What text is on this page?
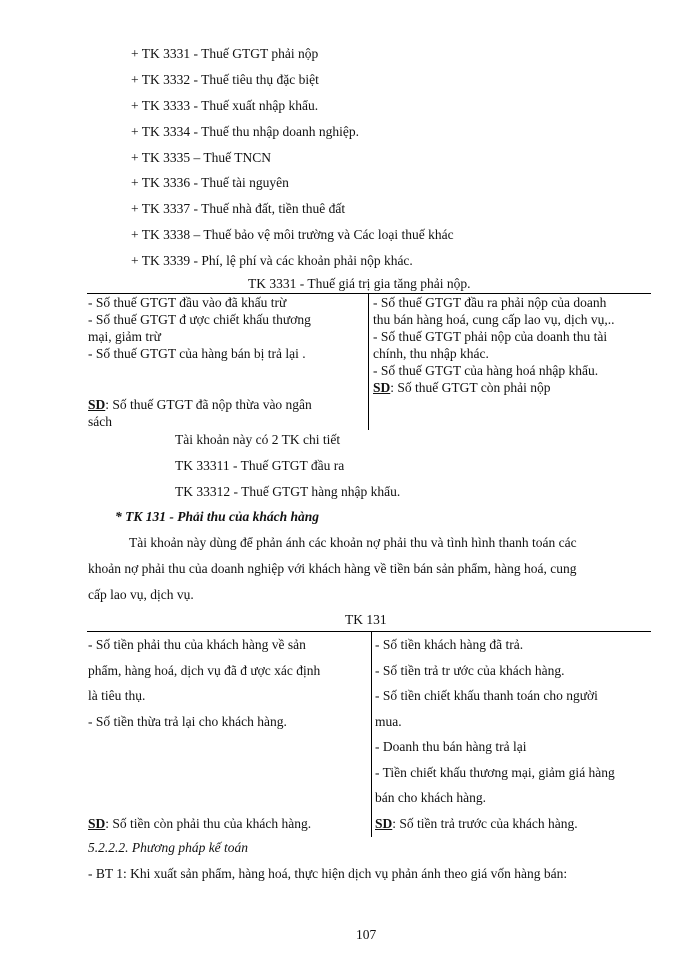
+ TK 3331 - Thuế GTGT phải nộp
+ TK 3332 - Thuế tiêu thụ đặc biệt
+ TK 3333 - Thuế xuất nhập khẩu.
+ TK 3334 - Thuế thu nhập doanh nghiệp.
+ TK 3335 – Thuế TNCN
+ TK 3336 - Thuế tài nguyên
+ TK 3337 - Thuế nhà đất, tiền thuê đất
+ TK 3338 – Thuế bảo vệ môi trường và Các loại thuế khác
+ TK 3339 - Phí, lệ phí và các khoản phải nộp khác.
TK 3331 - Thuế giá trị gia tăng phải nộp.
- Số thuế GTGT đầu vào đã khấu trừ
- Số thuế GTGT đ ược chiết khấu thương
mại, giảm trừ
- Số thuế GTGT của hàng bán bị trả lại .
SD: Số thuế GTGT đã nộp thừa vào ngân
sách
- Số thuế GTGT đầu ra phải nộp của doanh
thu bán hàng hoá, cung cấp lao vụ, dịch vụ,..
- Số thuế GTGT phải nộp của doanh thu tài
chính, thu nhập khác.
- Số thuế GTGT của hàng hoá nhập khẩu.
SD: Số thuế GTGT còn phải nộp
Tài khoản này có 2 TK chi tiết
TK 33311 - Thuế GTGT đầu ra
TK 33312 - Thuế GTGT hàng nhập khẩu.
* TK 131 - Phải thu của khách hàng
Tài khoản này dùng để phản ánh các khoản nợ phải thu và tình hình thanh toán các
khoản nợ phải thu của doanh nghiệp với khách hàng về tiền bán sản phẩm, hàng hoá, cung
cấp lao vụ, dịch vụ.
TK 131
- Số tiền phải thu của khách hàng về sản
phẩm, hàng hoá, dịch vụ đã đ ược xác định
là tiêu thụ.
- Số tiền thừa trả lại cho khách hàng.
SD: Số tiền còn phải thu của khách hàng.
- Số tiền khách hàng đã trả.
- Số tiền trả tr ước của khách hàng.
- Số tiền chiết khấu thanh toán cho người
mua.
- Doanh thu bán hàng trả lại
- Tiền chiết khấu thương mại, giảm giá hàng
bán cho khách hàng.
SD: Số tiền trả trước của khách hàng.
5.2.2.2. Phương pháp kế toán
- BT 1: Khi xuất sản phẩm, hàng hoá, thực hiện dịch vụ phản ánh theo giá vốn hàng bán:
107
